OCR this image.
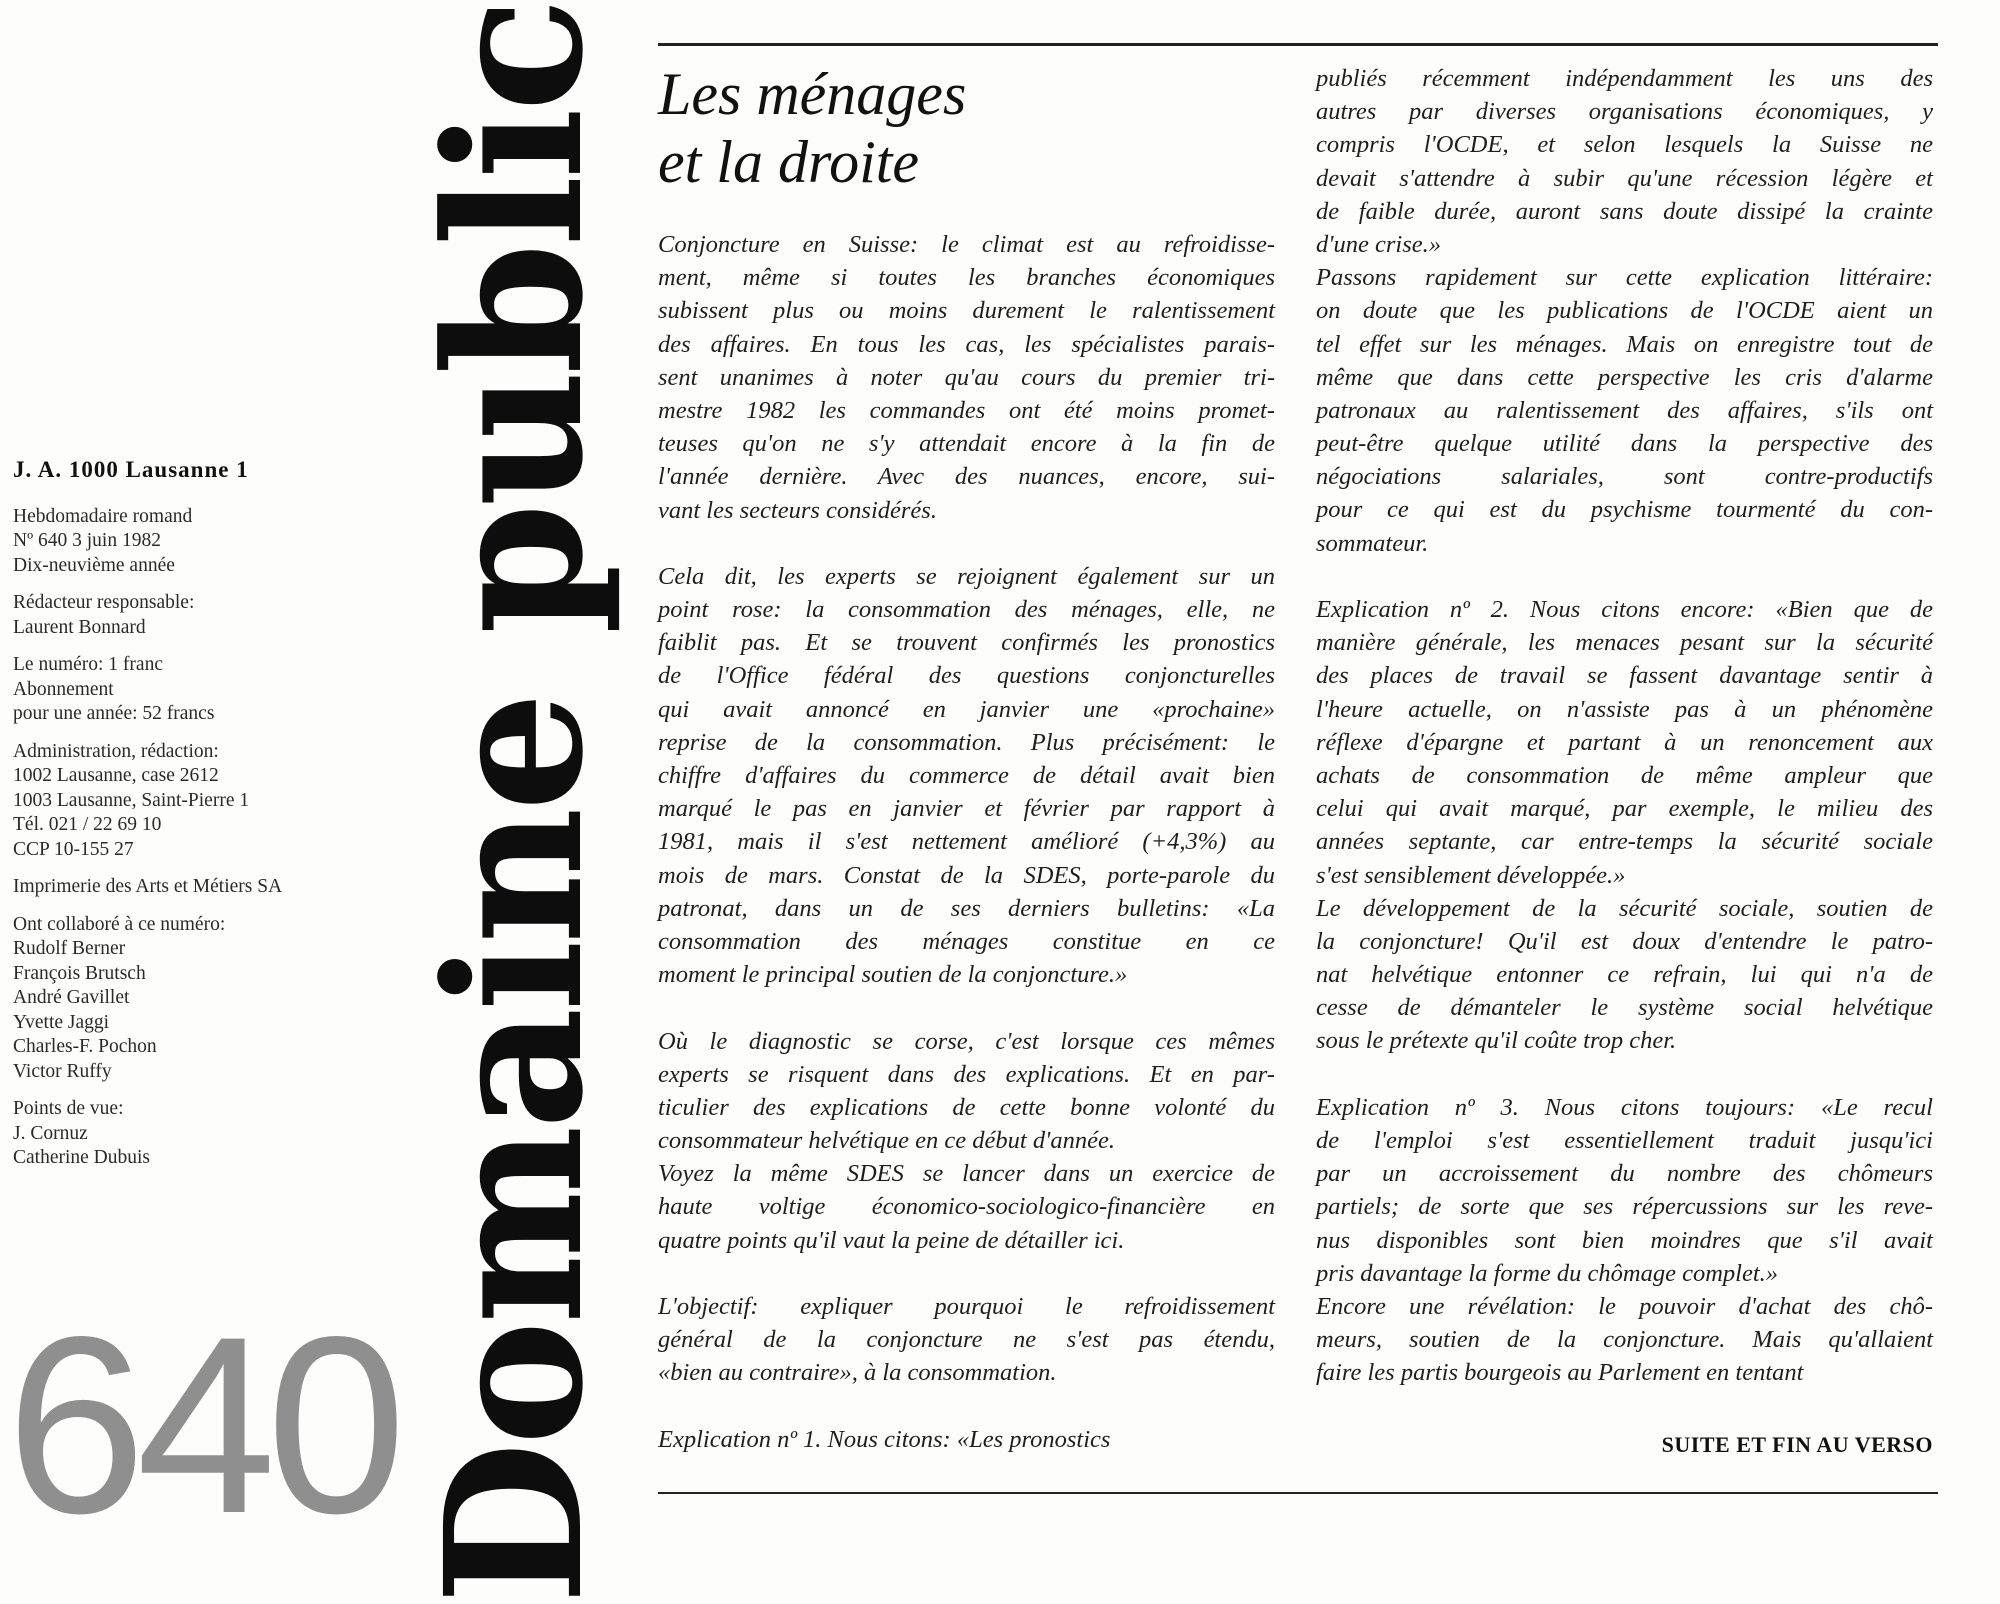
J. A. 1000 Lausanne 1
Hebdomadaire romand
Nº 640 3 juin 1982
Dix-neuvième année
Rédacteur responsable:
Laurent Bonnard
Le numéro: 1 franc
Abonnement
pour une année: 52 francs
Administration, rédaction:
1002 Lausanne, case 2612
1003 Lausanne, Saint-Pierre 1
Tél. 021 / 22 69 10
CCP 10-155 27
Imprimerie des Arts et Métiers SA
Ont collaboré à ce numéro:
Rudolf Berner
François Brutsch
André Gavillet
Yvette Jaggi
Charles-F. Pochon
Victor Ruffy
Points de vue:
J. Cornuz
Catherine Dubuis
640 Domaine public Les ménages
et la droite
Conjoncture en Suisse: le climat est au refroidisse-
ment, même si toutes les branches économiques
subissent plus ou moins durement le ralentissement
des affaires. En tous les cas, les spécialistes parais-
sent unanimes à noter qu'au cours du premier tri-
mestre 1982 les commandes ont été moins promet-
teuses qu'on ne s'y attendait encore à la fin de
l'année dernière. Avec des nuances, encore, sui-
vant les secteurs considérés.
Cela dit, les experts se rejoignent également sur un
point rose: la consommation des ménages, elle, ne
faiblit pas. Et se trouvent confirmés les pronostics
de l'Office fédéral des questions conjoncturelles
qui avait annoncé en janvier une «prochaine»
reprise de la consommation. Plus précisément: le
chiffre d'affaires du commerce de détail avait bien
marqué le pas en janvier et février par rapport à
1981, mais il s'est nettement amélioré (+4,3%) au
mois de mars. Constat de la SDES, porte-parole du
patronat, dans un de ses derniers bulletins: «La
consommation des ménages constitue en ce
moment le principal soutien de la conjoncture.»
Où le diagnostic se corse, c'est lorsque ces mêmes
experts se risquent dans des explications. Et en par-
ticulier des explications de cette bonne volonté du
consommateur helvétique en ce début d'année.
Voyez la même SDES se lancer dans un exercice de
haute voltige économico-sociologico-financière en
quatre points qu'il vaut la peine de détailler ici.
L'objectif: expliquer pourquoi le refroidissement
général de la conjoncture ne s'est pas étendu,
«bien au contraire», à la consommation.
Explication nº 1. Nous citons: «Les pronostics
publiés récemment indépendamment les uns des
autres par diverses organisations économiques, y
compris l'OCDE, et selon lesquels la Suisse ne
devait s'attendre à subir qu'une récession légère et
de faible durée, auront sans doute dissipé la crainte
d'une crise.»
Passons rapidement sur cette explication littéraire:
on doute que les publications de l'OCDE aient un
tel effet sur les ménages. Mais on enregistre tout de
même que dans cette perspective les cris d'alarme
patronaux au ralentissement des affaires, s'ils ont
peut-être quelque utilité dans la perspective des
négociations salariales, sont contre-productifs
pour ce qui est du psychisme tourmenté du con-
sommateur.
Explication nº 2. Nous citons encore: «Bien que de
manière générale, les menaces pesant sur la sécurité
des places de travail se fassent davantage sentir à
l'heure actuelle, on n'assiste pas à un phénomène
réflexe d'épargne et partant à un renoncement aux
achats de consommation de même ampleur que
celui qui avait marqué, par exemple, le milieu des
années septante, car entre-temps la sécurité sociale
s'est sensiblement développée.»
Le développement de la sécurité sociale, soutien de
la conjoncture! Qu'il est doux d'entendre le patro-
nat helvétique entonner ce refrain, lui qui n'a de
cesse de démanteler le système social helvétique
sous le prétexte qu'il coûte trop cher.
Explication nº 3. Nous citons toujours: «Le recul
de l'emploi s'est essentiellement traduit jusqu'ici
par un accroissement du nombre des chômeurs
partiels; de sorte que ses répercussions sur les reve-
nus disponibles sont bien moindres que s'il avait
pris davantage la forme du chômage complet.»
Encore une révélation: le pouvoir d'achat des chô-
meurs, soutien de la conjoncture. Mais qu'allaient
faire les partis bourgeois au Parlement en tentant
SUITE ET FIN AU VERSO
